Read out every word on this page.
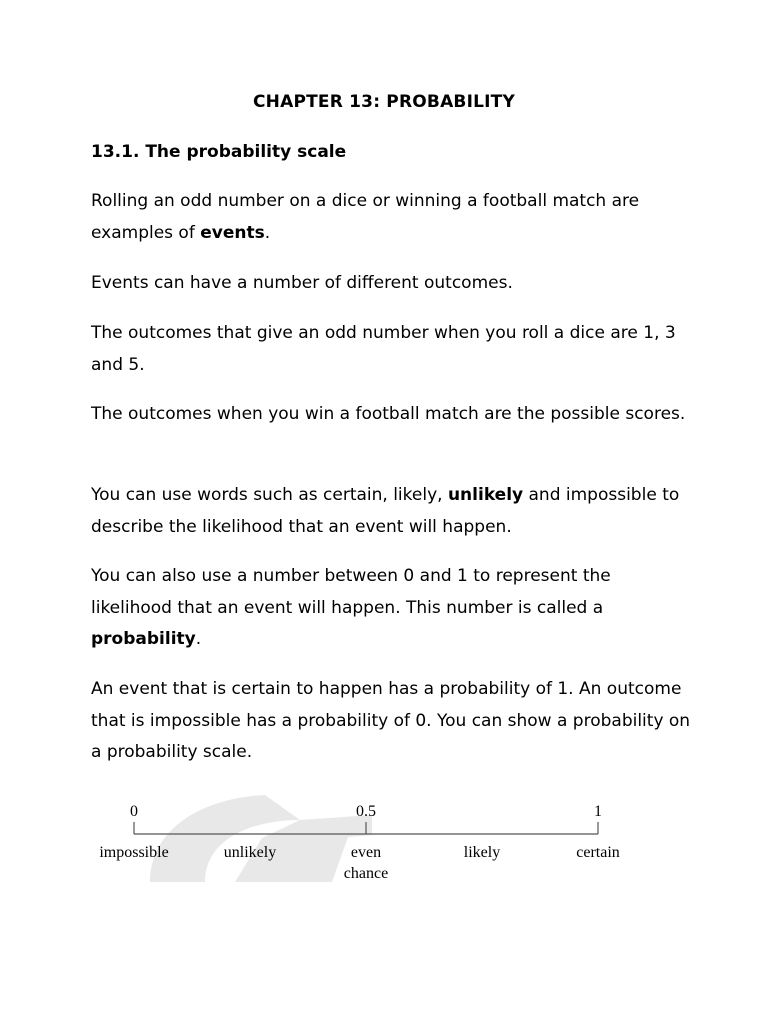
CHAPTER 13: PROBABILITY
13.1. The probability scale

Rolling an odd number on a dice or winning a football match are examples of events.

Events can have a number of different outcomes.

The outcomes that give an odd number when you roll a dice are 1, 3 and 5.

The outcomes when you win a football match are the possible scores.

You can use words such as certain, likely, unlikely and impossible to describe the likelihood that an event will happen.

You can also use a number between 0 and 1 to represent the likelihood that an event will happen. This number is called a probability.

An event that is certain to happen has a probability of 1. An outcome that is impossible has a probability of 0. You can show a probability on a probability scale.

0	0.5	1
impossible	unlikely	even
chance
likely	certain
